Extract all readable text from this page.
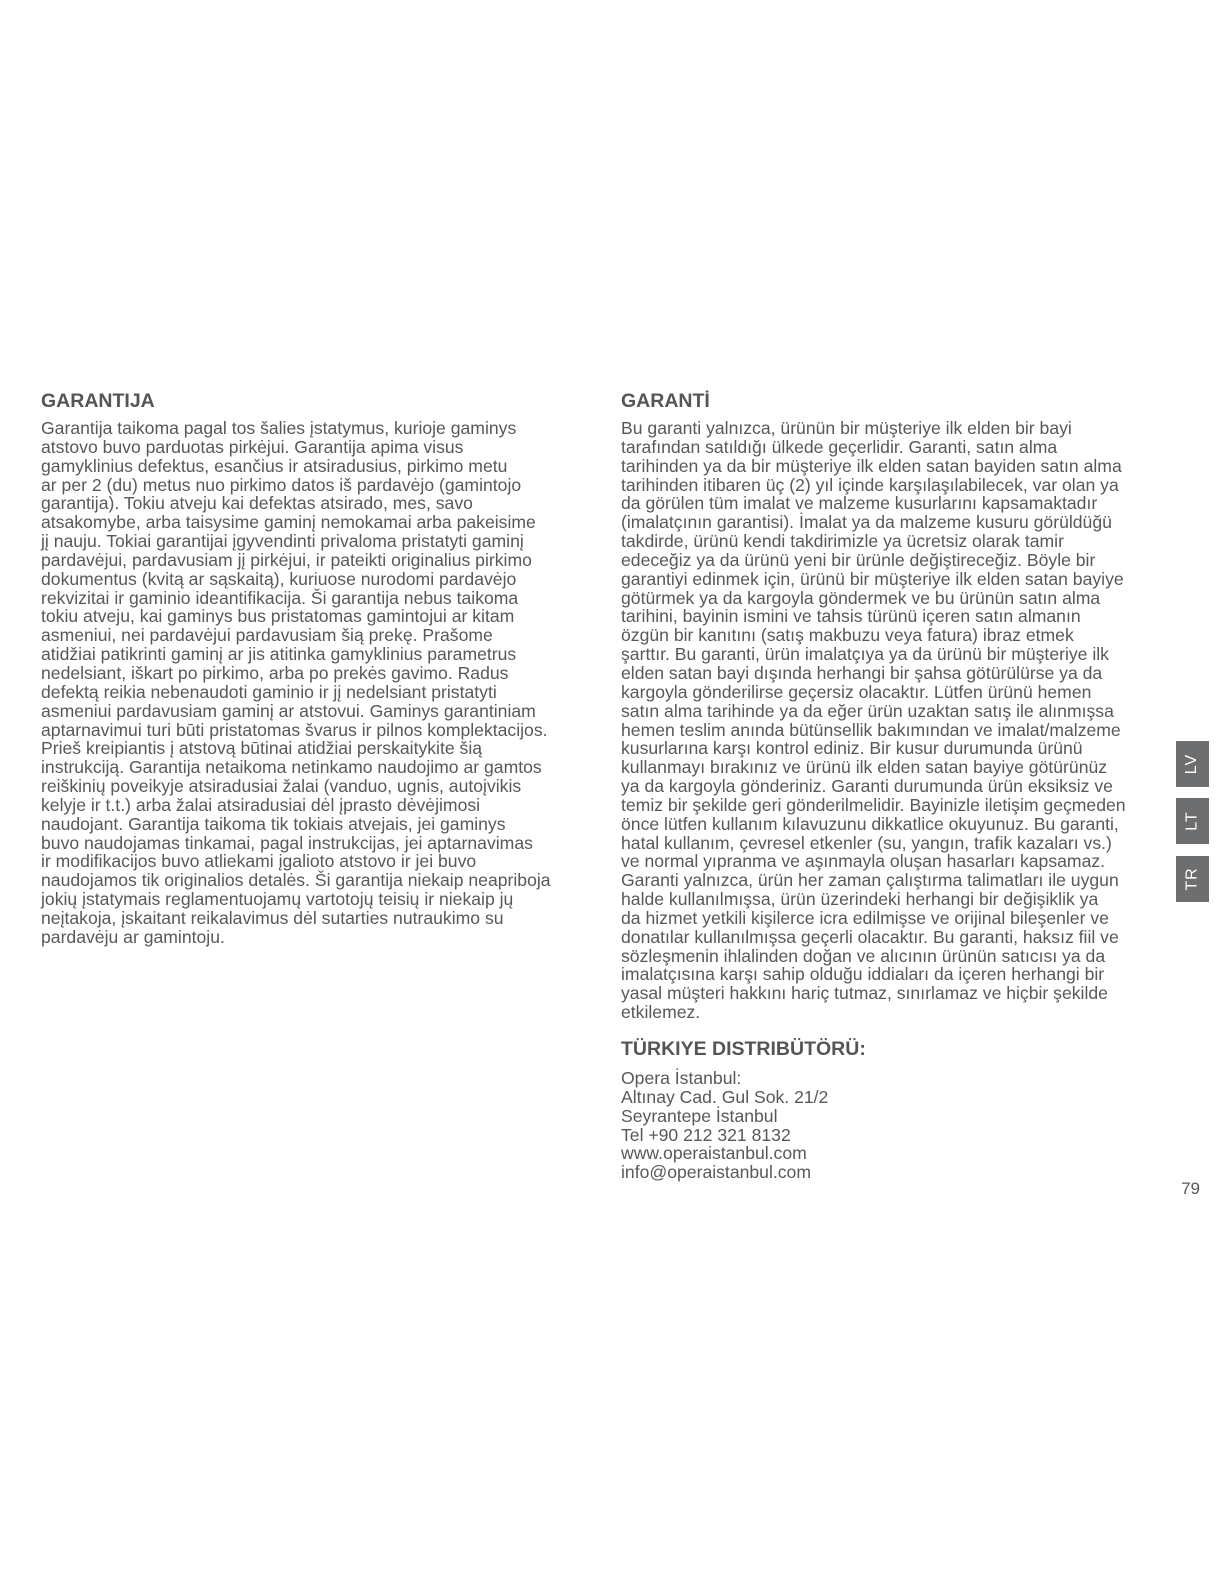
GARANTIJA

Garantija taikoma pagal tos šalies įstatymus, kurioje gaminys
atstovo buvo parduotas pirkėjui. Garantija apima visus
gamyklinius defektus, esančius ir atsiradusius, pirkimo metu
ar per 2 (du) metus nuo pirkimo datos iš pardavėjo (gamintojo
garantija). Tokiu atveju kai defektas atsirado, mes, savo
atsakomybe, arba taisysime gaminį nemokamai arba pakeisime
jį nauju. Tokiai garantijai įgyvendinti privaloma pristatyti gaminį
pardavėjui, pardavusiam jį pirkėjui, ir pateikti originalius pirkimo
dokumentus (kvitą ar sąskaitą), kuriuose nurodomi pardavėjo
rekvizitai ir gaminio ideantifikacija. Ši garantija nebus taikoma
tokiu atveju, kai gaminys bus pristatomas gamintojui ar kitam
asmeniui, nei pardavėjui pardavusiam šią prekę. Prašome
atidžiai patikrinti gaminį ar jis atitinka gamyklinius parametrus
nedelsiant, iškart po pirkimo, arba po prekės gavimo. Radus
defektą reikia nebenaudoti gaminio ir jį nedelsiant pristatyti
asmeniui pardavusiam gaminį ar atstovui. Gaminys garantiniam
aptarnavimui turi būti pristatomas švarus ir pilnos komplektacijos.
Prieš kreipiantis į atstovą būtinai atidžiai perskaitykite šią
instrukciją. Garantija netaikoma netinkamo naudojimo ar gamtos
reiškinių poveikyje atsiradusiai žalai (vanduo, ugnis, autoįvikis
kelyje ir t.t.) arba žalai atsiradusiai dėl įprasto dėvėjimosi
naudojant. Garantija taikoma tik tokiais atvejais, jei gaminys
buvo naudojamas tinkamai, pagal instrukcijas, jei aptarnavimas
ir modifikacijos buvo atliekami įgalioto atstovo ir jei buvo
naudojamos tik originalios detalės. Ši garantija niekaip neapriboja
jokių įstatymais reglamentuojamų vartotojų teisių ir niekaip jų
neįtakoja, įskaitant reikalavimus dėl sutarties nutraukimo su
pardavėju ar gamintoju.

GARANTİ

Bu garanti yalnızca, ürünün bir müşteriye ilk elden bir bayi
tarafından satıldığı ülkede geçerlidir. Garanti, satın alma
tarihinden ya da bir müşteriye ilk elden satan bayiden satın alma
tarihinden itibaren üç (2) yıl içinde karşılaşılabilecek, var olan ya
da görülen tüm imalat ve malzeme kusurlarını kapsamaktadır
(imalatçının garantisi). İmalat ya da malzeme kusuru görüldüğü
takdirde, ürünü kendi takdirimizle ya ücretsiz olarak tamir
edeceğiz ya da ürünü yeni bir ürünle değiştireceğiz. Böyle bir
garantiyi edinmek için, ürünü bir müşteriye ilk elden satan bayiye
götürmek ya da kargoyla göndermek ve bu ürünün satın alma
tarihini, bayinin ismini ve tahsis türünü içeren satın almanın
özgün bir kanıtını (satış makbuzu veya fatura) ibraz etmek
şarttır. Bu garanti, ürün imalatçıya ya da ürünü bir müşteriye ilk
elden satan bayi dışında herhangi bir şahsa götürülürse ya da
kargoyla gönderilirse geçersiz olacaktır. Lütfen ürünü hemen
satın alma tarihinde ya da eğer ürün uzaktan satış ile alınmışsa
hemen teslim anında bütünsellik bakımından ve imalat/malzeme
kusurlarına karşı kontrol ediniz. Bir kusur durumunda ürünü
kullanmayı bırakınız ve ürünü ilk elden satan bayiye götürünüz
ya da kargoyla gönderiniz. Garanti durumunda ürün eksiksiz ve
temiz bir şekilde geri gönderilmelidir. Bayinizle iletişim geçmeden
önce lütfen kullanım kılavuzunu dikkatlice okuyunuz. Bu garanti,
hatal kullanım, çevresel etkenler (su, yangın, trafik kazaları vs.)
ve normal yıpranma ve aşınmayla oluşan hasarları kapsamaz.
Garanti yalnızca, ürün her zaman çalıştırma talimatları ile uygun
halde kullanılmışsa, ürün üzerindeki herhangi bir değişiklik ya
da hizmet yetkili kişilerce icra edilmişse ve orijinal bileşenler ve
donatılar kullanılmışsa geçerli olacaktır. Bu garanti, haksız fiil ve
sözleşmenin ihlalinden doğan ve alıcının ürünün satıcısı ya da
imalatçısına karşı sahip olduğu iddiaları da içeren herhangi bir
yasal müşteri hakkını hariç tutmaz, sınırlamaz ve hiçbir şekilde
etkilemez.

TÜRKIYE DISTRIBÜTÖRÜ:
Opera İstanbul:
Altınay Cad. Gul Sok. 21/2
Seyrantepe İstanbul
Tel +90 212 321 8132
www.operaistanbul.com
info@operaistanbul.com
LV
LT
TR
79
